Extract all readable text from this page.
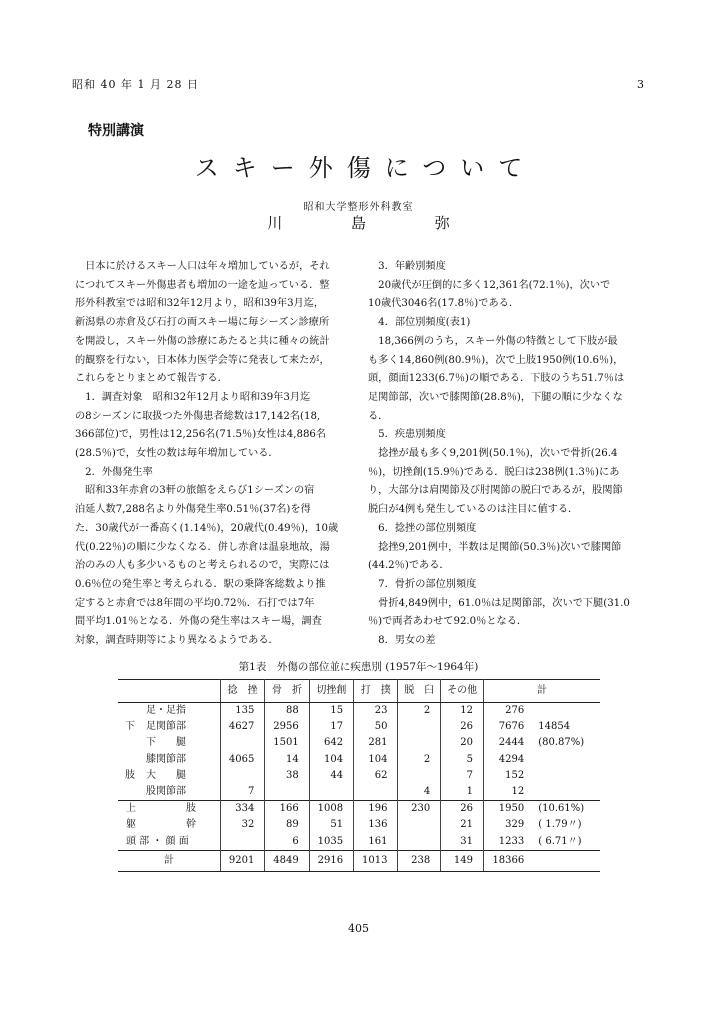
昭和 40 年 1 月 28 日	3
特別講演
スキー外傷について
昭和大学整形外科教室
川 島 弥

　日本に於けるスキー人口は年々増加しているが，それ

につれてスキー外傷患者も増加の一途を辿っている．整

形外科教室では昭和32年12月より，昭和39年3月迄，

新潟県の赤倉及び石打の両スキー場に毎シーズン診療所

を開設し，スキー外傷の診療にあたると共に種々の統計

的観察を行ない，日本体力医学会等に発表して来たが，

これらをとりまとめて報告する．

　1．調査対象　昭和32年12月より昭和39年3月迄

の8シーズンに取扱つた外傷患者総数は17,142名(18,

366部位)で，男性は12,256名(71.5％)女性は4,886名

(28.5％)で，女性の数は毎年増加している．

　2．外傷発生率

　昭和33年赤倉の3軒の旅館をえらび1シーズンの宿

泊延人数7,288名より外傷発生率0.51％(37名)を得

た．30歳代が一番高く(1.14％)，20歳代(0.49％)，10歳

代(0.22％)の順に少なくなる．併し赤倉は温泉地故，湯

治のみの人も多少いるものと考えられるので，実際には

0.6％位の発生率と考えられる．駅の乗降客総数より推

定すると赤倉では8年間の平均0.72％．石打では7年

間平均1.01％となる．外傷の発生率はスキー場，調査

対象，調査時期等により異なるようである．

　3．年齢別頻度

　20歳代が圧倒的に多く12,361名(72.1％)，次いで

10歳代3046名(17.8％)である．

　4．部位別頻度(表1)

　18,366例のうち，スキー外傷の特徴として下肢が最

も多く14,860例(80.9％)，次で上肢1950例(10.6％)，

頭，顔面1233(6.7％)の順である．下肢のうち51.7％は

足関節部，次いで膝関節(28.8％)，下腿の順に少なくな

る．

　5．疾患別頻度

　捻挫が最も多く9,201例(50.1％)，次いで骨折(26.4

％)，切挫創(15.9％)である．脱臼は238例(1.3％)にあ

り，大部分は肩関節及び肘関節の脱臼であるが，股関節

脱臼が4例も発生しているのは注目に値する．

　6．捻挫の部位別頻度

　捻挫9,201例中，半数は足関節(50.3％)次いで膝関節

(44.2％)である．

　7．骨折の部位別頻度

　骨折4,849例中，61.0％は足関節部，次いで下腿(31.0

％)で両者あわせて92.0％となる．

　8．男女の差

第1表　外傷の部位並に疾患別 (1957年～1964年)
		捻　挫	骨　折	切挫創	打　撲	脱　臼	その他	計	
	足・足指	135	88	15	23	2	12	276	
下	足関節部	4627	2956	17	50		26	7676	14854
	下　　腿		1501	642	281		20	2444	(80.87%)
	膝関節部	4065	14	104	104	2	5	4294	
肢	大　　腿		38	44	62		7	152	
	股関節部	7				4	1	12	
上　　　　　肢		334	166	1008	196	230	26	1950	(10.61%)
躯　　　　　幹		32	89	51	136		21	329	( 1.79〃)
頭 部 ・ 顔 面			6	1035	161		31	1233	( 6.71〃)
計		9201	4849	2916	1013	238	149	18366	
405
